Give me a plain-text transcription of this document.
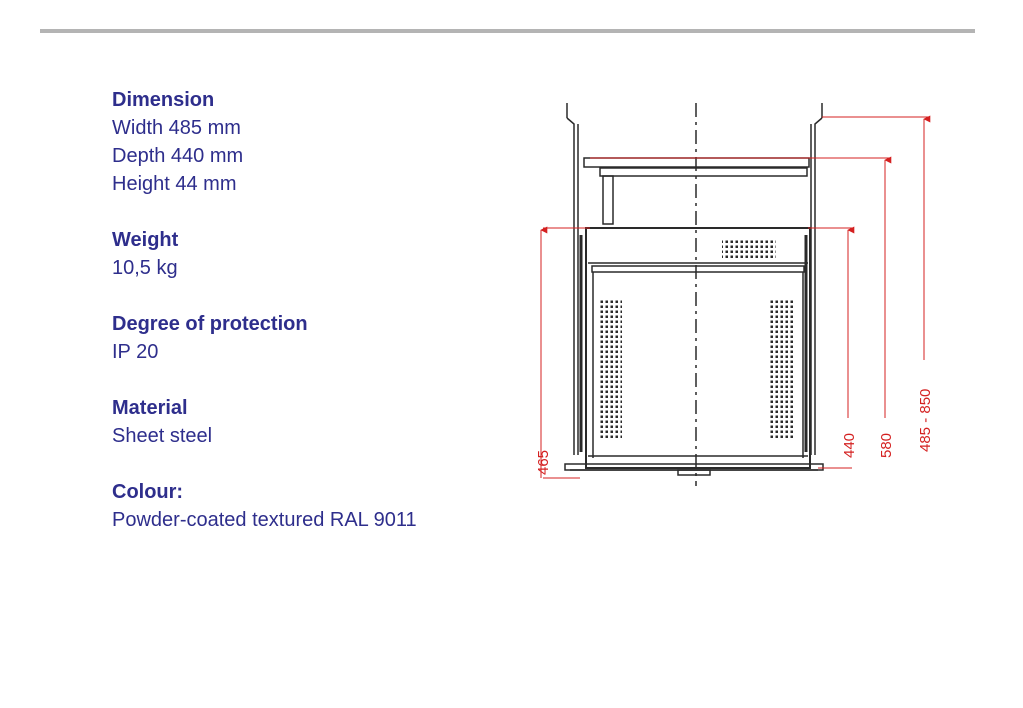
Dimension

Width 485 mm

Depth 440 mm

Height 44 mm

Weight

10,5 kg

Degree of protection

IP 20

Material

Sheet steel

Colour:

Powder-coated textured RAL 9011

465
440 580 485 - 850
